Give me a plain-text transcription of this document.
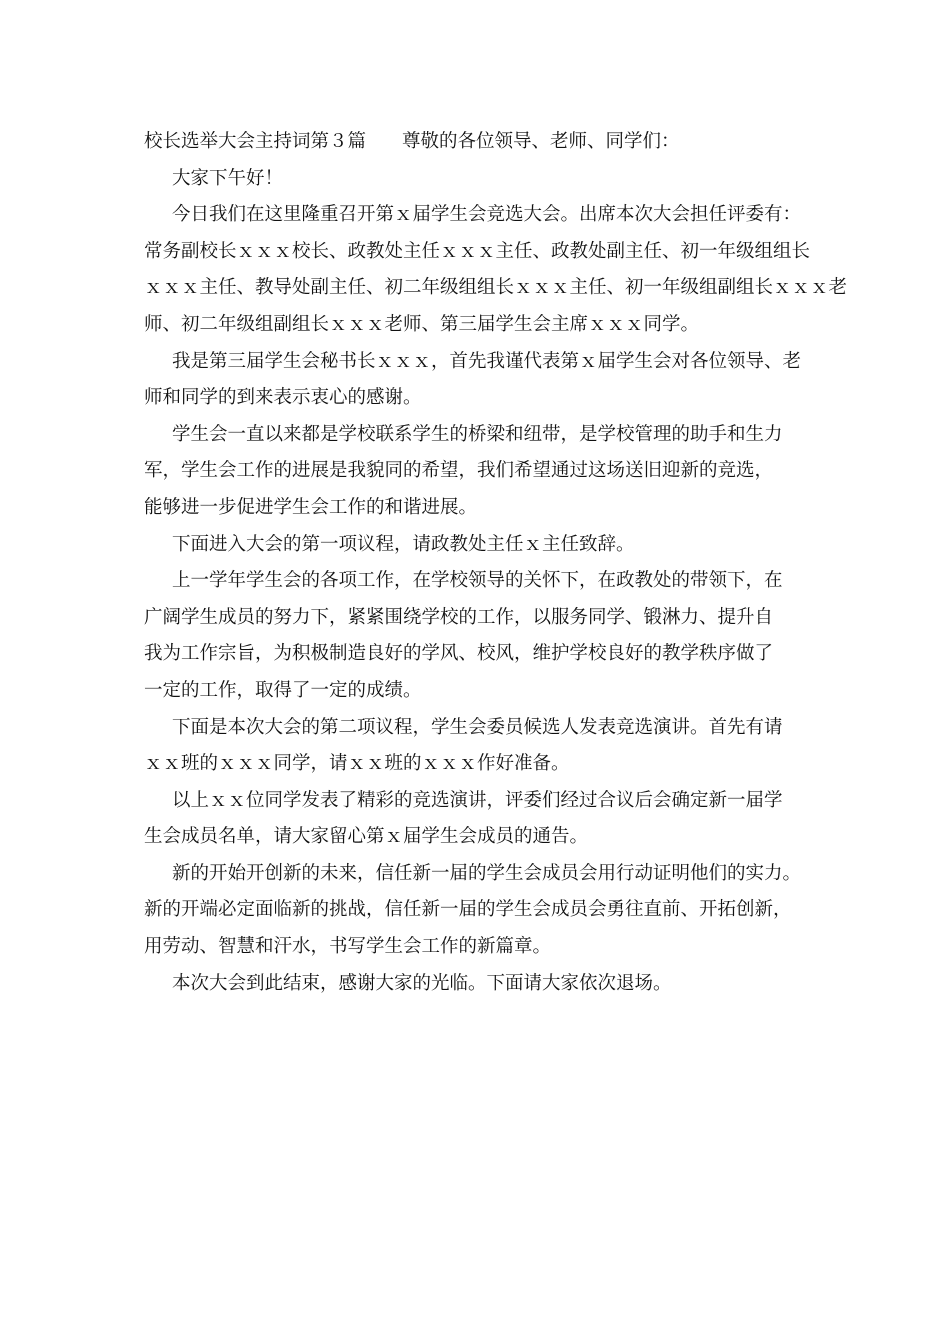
校长选举大会主持词第３篇 尊敬的各位领导、老师、同学们：
大家下午好！
今日我们在这里隆重召开第ｘ届学生会竞选大会。出席本次大会担任评委有：
常务副校长ｘｘｘ校长、政教处主任ｘｘｘ主任、政教处副主任、初一年级组组长
ｘｘｘ主任、教导处副主任、初二年级组组长ｘｘｘ主任、初一年级组副组长ｘｘｘ老
师、初二年级组副组长ｘｘｘ老师、第三届学生会主席ｘｘｘ同学。
我是第三届学生会秘书长ｘｘｘ，首先我谨代表第ｘ届学生会对各位领导、老
师和同学的到来表示衷心的感谢。
学生会一直以来都是学校联系学生的桥梁和纽带，是学校管理的助手和生力
军，学生会工作的进展是我貌同的希望，我们希望通过这场送旧迎新的竞选，
能够进一步促进学生会工作的和谐进展。
下面进入大会的第一项议程，请政教处主任ｘ主任致辞。
上一学年学生会的各项工作，在学校领导的关怀下，在政教处的带领下，在
广阔学生成员的努力下，紧紧围绕学校的工作，以服务同学、锻淋力、提升自
我为工作宗旨，为积极制造良好的学风、校风，维护学校良好的教学秩序做了
一定的工作，取得了一定的成绩。
下面是本次大会的第二项议程，学生会委员候选人发表竞选演讲。首先有请
ｘｘ班的ｘｘｘ同学，请ｘｘ班的ｘｘｘ作好准备。
以上ｘｘ位同学发表了精彩的竞选演讲，评委们经过合议后会确定新一届学
生会成员名单，请大家留心第ｘ届学生会成员的通告。
新的开始开创新的未来，信任新一届的学生会成员会用行动证明他们的实力。
新的开端必定面临新的挑战，信任新一届的学生会成员会勇往直前、开拓创新，
用劳动、智慧和汗水，书写学生会工作的新篇章。
本次大会到此结束，感谢大家的光临。下面请大家依次退场。
